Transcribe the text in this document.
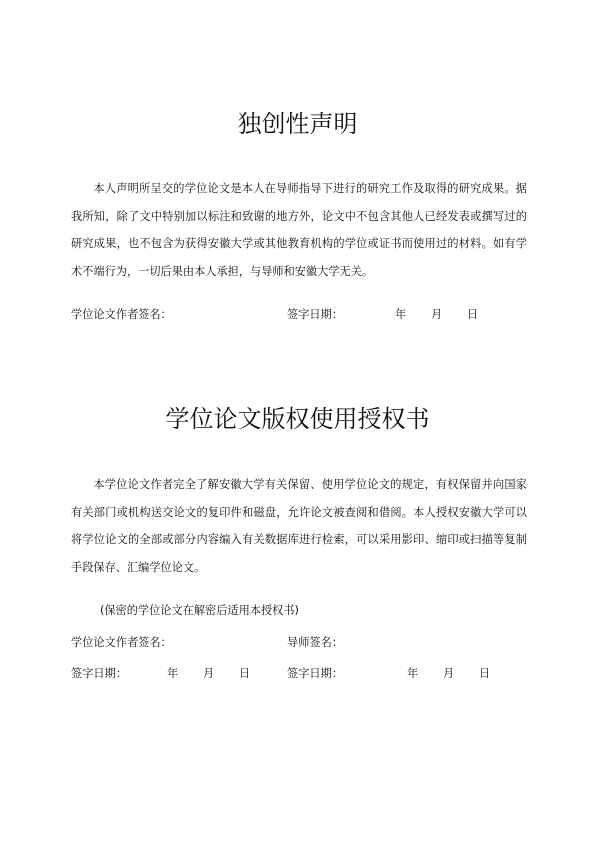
独创性声明

本人声明所呈交的学位论文是本人在导师指导下进行的研究工作及取得的研究成果。据我所知，除了文中特别加以标注和致谢的地方外，论文中不包含其他人已经发表或撰写过的研究成果，也不包含为获得安徽大学或其他教育机构的学位或证书而使用过的材料。如有学术不端行为，一切后果由本人承担，与导师和安徽大学无关。

学位论文作者签名：	签字日期：	年 月 日
学位论文版权使用授权书

本学位论文作者完全了解安徽大学有关保留、使用学位论文的规定，有权保留并向国家有关部门或机构送交论文的复印件和磁盘，允许论文被查阅和借阅。本人授权安徽大学可以将学位论文的全部或部分内容编入有关数据库进行检索，可以采用影印、缩印或扫描等复制手段保存、汇编学位论文。

(保密的学位论文在解密后适用本授权书)
学位论文作者签名：	导师签名：
签字日期：	年 月 日	签字日期：	年 月 日
